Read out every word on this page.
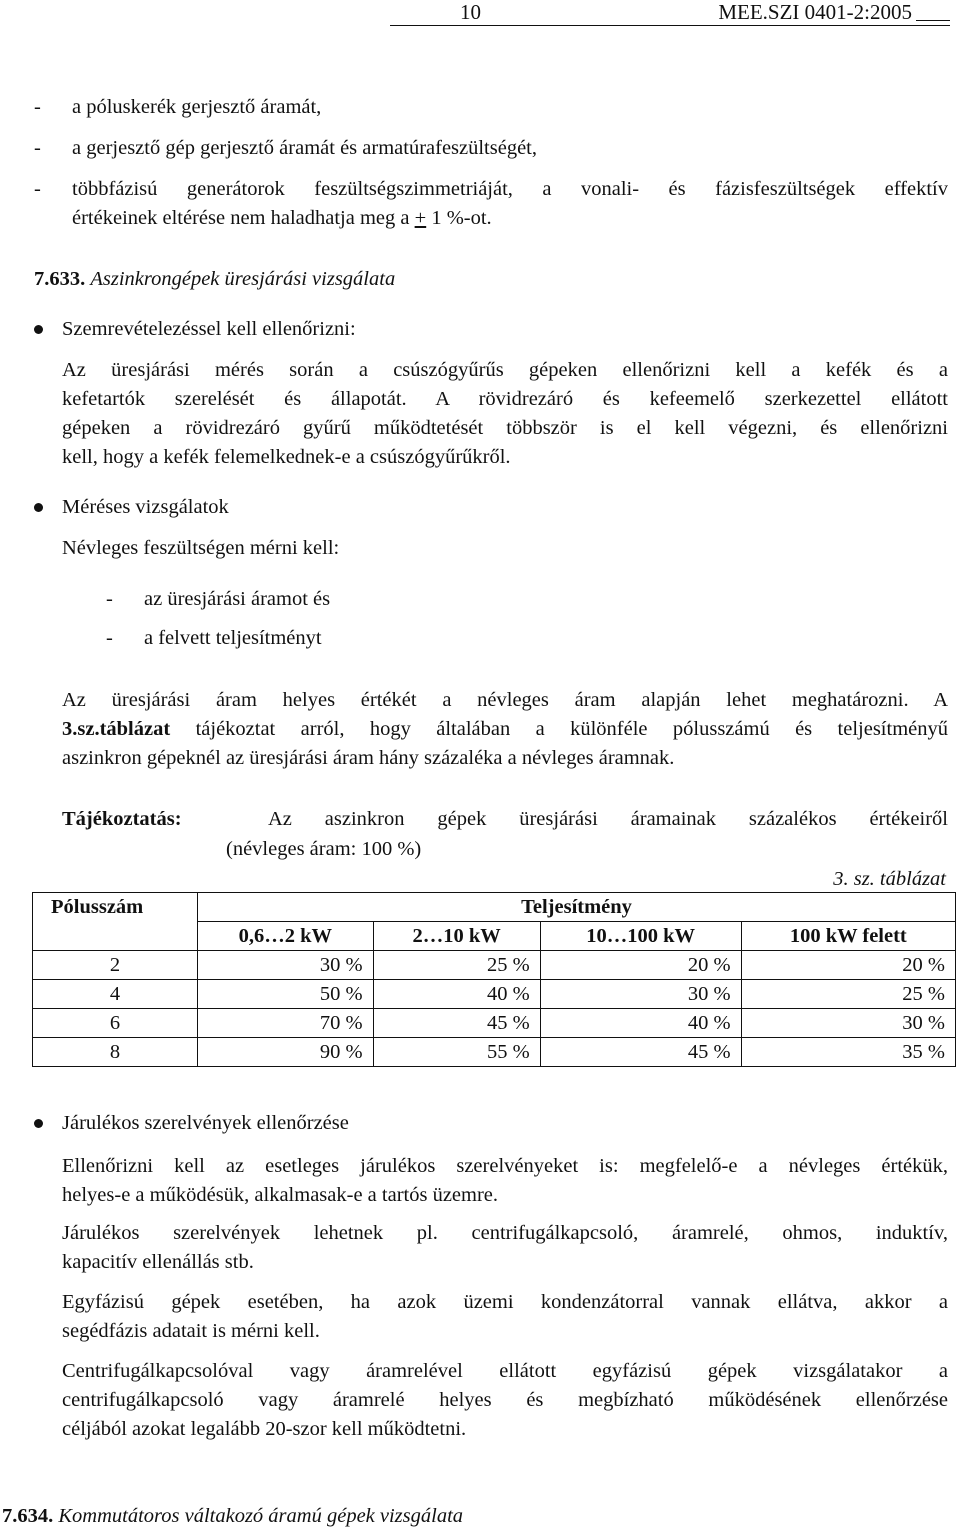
10	MEE.SZI 0401-2:2005
- a póluskerék gerjesztő áramát,
- a gerjesztő gép gerjesztő áramát és armatúrafeszültségét,
- többfázisú generátorok feszültségszimmetriáját, a vonali- és fázisfeszültségek effektív
értékeinek eltérése nem haladhatja meg a + 1 %-ot.
7.633. Aszinkrongépek üresjárási vizsgálata
Szemrevételezéssel kell ellenőrizni:
Az üresjárási mérés során a csúszógyűrűs gépeken ellenőrizni kell a kefék és a
kefetartók szerelését és állapotát. A rövidrezáró és kefeemelő szerkezettel ellátott
gépeken a rövidrezáró gyűrű működtetését többször is el kell végezni, és ellenőrizni
kell, hogy a kefék felemelkednek-e a csúszógyűrűkről.
Méréses vizsgálatok
Névleges feszültségen mérni kell:
- az üresjárási áramot és
- a felvett teljesítményt
Az üresjárási áram helyes értékét a névleges áram alapján lehet meghatározni. A
3.sz.táblázat tájékoztat arról, hogy általában a különféle pólusszámú és teljesítményű
aszinkron gépeknél az üresjárási áram hány százaléka a névleges áramnak.
Tájékoztatás:	Az aszinkron gépek üresjárási áramainak százalékos értékeiről
(névleges áram: 100 %)
3. sz. táblázat
Pólusszám	Teljesítmény			
	0,6…2 kW	2…10 kW	10…100 kW	100 kW felett
2	30 %	25 %	20 %	20 %
4	50 %	40 %	30 %	25 %
6	70 %	45 %	40 %	30 %
8	90 %	55 %	45 %	35 %
Járulékos szerelvények ellenőrzése
Ellenőrizni kell az esetleges járulékos szerelvényeket is: megfelelő-e a névleges értékük,
helyes-e a működésük, alkalmasak-e a tartós üzemre.
Járulékos szerelvények lehetnek pl. centrifugálkapcsoló, áramrelé, ohmos, induktív,
kapacitív ellenállás stb.
Egyfázisú gépek esetében, ha azok üzemi kondenzátorral vannak ellátva, akkor a
segédfázis adatait is mérni kell.
Centrifugálkapcsolóval vagy áramrelével ellátott egyfázisú gépek vizsgálatakor a
centrifugálkapcsoló vagy áramrelé helyes és megbízható működésének ellenőrzése
céljából azokat legalább 20-szor kell működtetni.
7.634. Kommutátoros váltakozó áramú gépek vizsgálata
